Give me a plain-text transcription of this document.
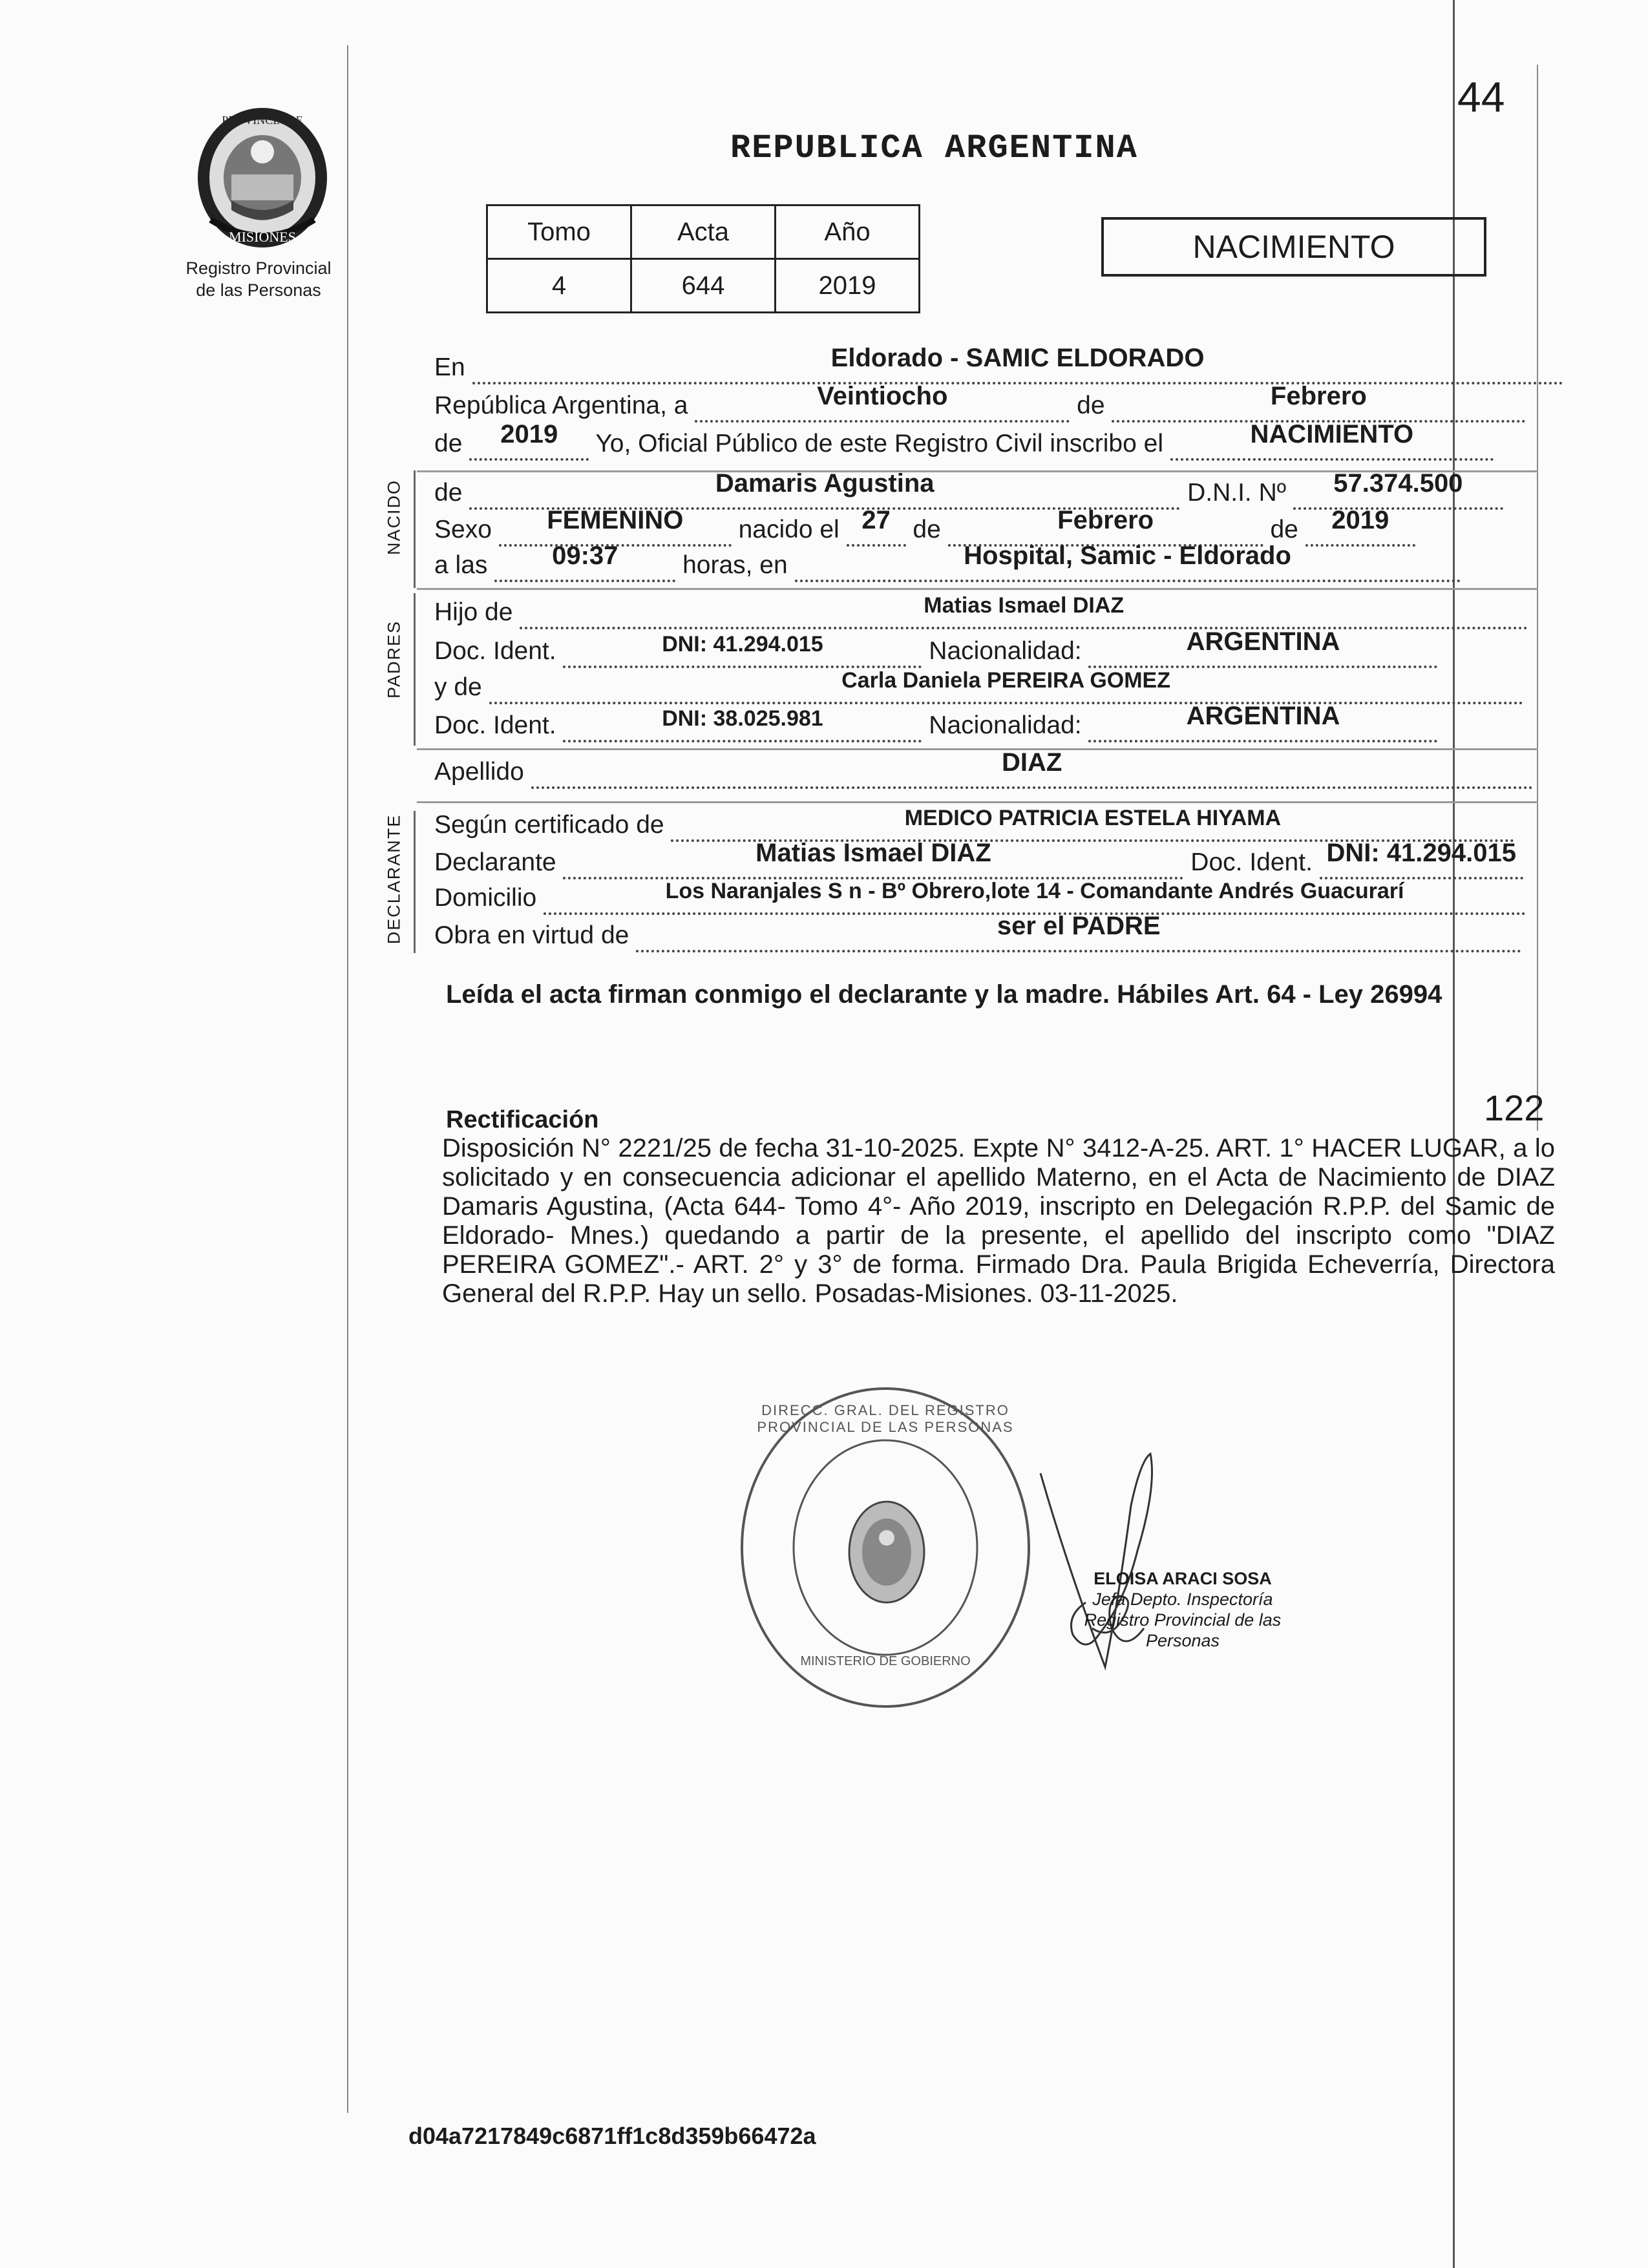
44
PROVINCIA DE
MISIONES
Registro Provincial
de las Personas
REPUBLICA ARGENTINA
Tomo	Acta	Año
4	644	2019
NACIMIENTO
En	Eldorado - SAMIC ELDORADO
República Argentina, a	Veintiocho	de	Febrero
de 2019 Yo, Oficial Público de este Registro Civil inscribo el	NACIMIENTO
NACIDO de	Damaris Agustina	D.N.I. Nº 57.374.500
Sexo FEMENINO nacido el 27 de	Febrero	de 2019
a las 09:37	horas, en	Hospital, Samic - Eldorado
PADRES
Hijo de	Matias Ismael DIAZ
Doc. Ident.	DNI: 41.294.015	Nacionalidad:	ARGENTINA
y de	Carla Daniela PEREIRA GOMEZ
Doc. Ident.	DNI: 38.025.981	Nacionalidad:	ARGENTINA
Apellido	DIAZ
DECLARANTE Según certificado de	MEDICO PATRICIA ESTELA HIYAMA
Declarante	Matias Ismael DIAZ	Doc. Ident. DNI: 41.294.015
Domicilio	Los Naranjales S n - Bº Obrero,lote 14 - Comandante Andrés Guacurarí
Obra en virtud de	ser el PADRE
Leída el acta firman conmigo el declarante y la madre. Hábiles Art. 64 - Ley 26994
Rectificación	122
Disposición N° 2221/25 de fecha 31-10-2025. Expte N° 3412-A-25. ART. 1° HACER LUGAR, a lo solicitado y en consecuencia adicionar el apellido Materno, en el Acta de Nacimiento de DIAZ Damaris Agustina, (Acta 644- Tomo 4°- Año 2019, inscripto en Delegación R.P.P. del Samic de Eldorado- Mnes.) quedando a partir de la presente, el apellido del inscripto como "DIAZ PEREIRA GOMEZ".- ART. 2° y 3° de forma. Firmado Dra. Paula Brigida Echeverría, Directora General del R.P.P. Hay un sello. Posadas-Misiones. 03-11-2025.
DIRECC. GRAL. DEL REGISTRO PROVINCIAL DE LAS PERSONAS
MINISTERIO DE GOBIERNO
ELOISA ARACI SOSA
Jefa Depto. Inspectoría
Registro Provincial de las Personas
d04a7217849c6871ff1c8d359b66472a
